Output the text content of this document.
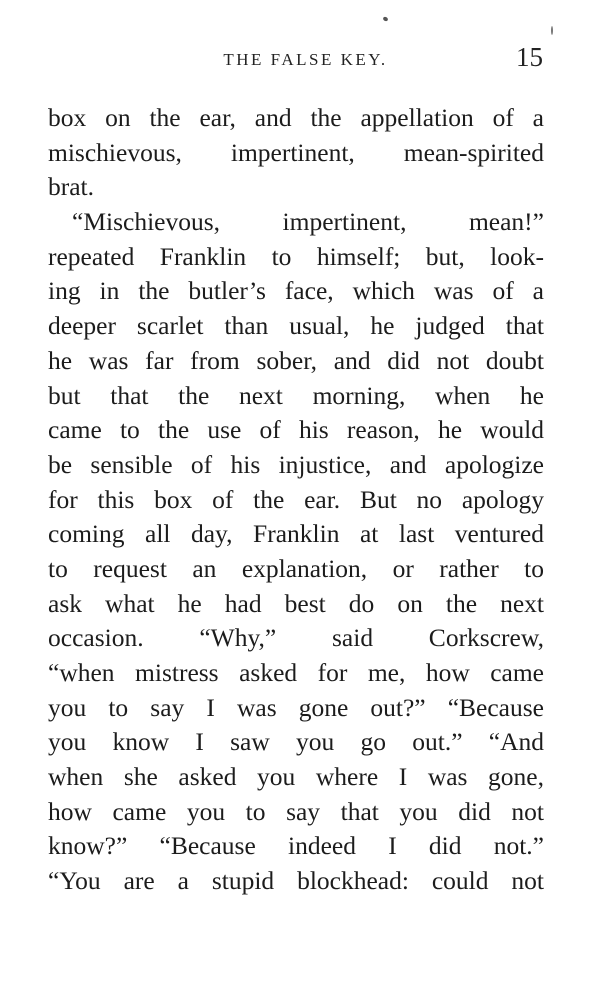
THE FALSE KEY.	15
box on the ear, and the appellation of a
mischievous, impertinent, mean-spirited
brat.
“Mischievous, impertinent, mean!”
repeated Franklin to himself; but, look-
ing in the butler’s face, which was of a
deeper scarlet than usual, he judged that
he was far from sober, and did not doubt
but that the next morning, when he
came to the use of his reason, he would
be sensible of his injustice, and apologize
for this box of the ear. But no apology
coming all day, Franklin at last ventured
to request an explanation, or rather to
ask what he had best do on the next
occasion. “Why,” said Corkscrew,
“when mistress asked for me, how came
you to say I was gone out?” “Because
you know I saw you go out.” “And
when she asked you where I was gone,
how came you to say that you did not
know?” “Because indeed I did not.”
“You are a stupid blockhead: could not
